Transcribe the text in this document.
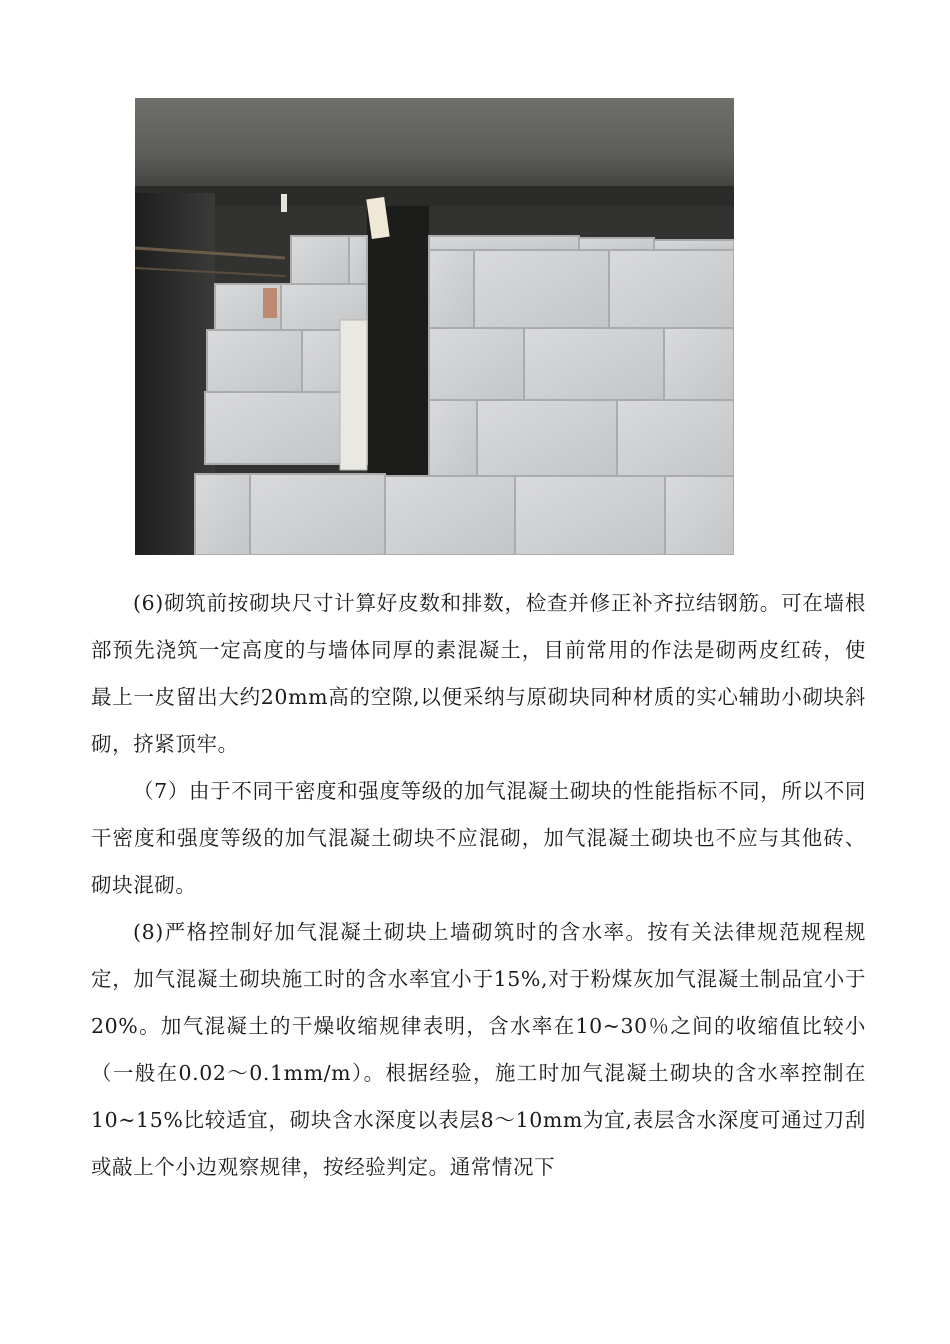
(6)砌筑前按砌块尺寸计算好皮数和排数，检查并修正补齐拉结钢筋。可在墙根部预先浇筑一定高度的与墙体同厚的素混凝土，目前常用的作法是砌两皮红砖，使最上一皮留出大约20mm高的空隙,以便采纳与原砌块同种材质的实心辅助小砌块斜砌，挤紧顶牢。

（7）由于不同干密度和强度等级的加气混凝土砌块的性能指标不同，所以不同干密度和强度等级的加气混凝土砌块不应混砌，加气混凝土砌块也不应与其他砖、砌块混砌。

(8)严格控制好加气混凝土砌块上墙砌筑时的含水率。按有关法律规范规程规定，加气混凝土砌块施工时的含水率宜小于15%,对于粉煤灰加气混凝土制品宜小于20%。加气混凝土的干燥收缩规律表明，含水率在10~30％之间的收缩值比较小（一般在0.02～0.1mm/m）。根据经验，施工时加气混凝土砌块的含水率控制在10~15%比较适宜，砌块含水深度以表层8～10mm为宜,表层含水深度可通过刀刮或敲上个小边观察规律，按经验判定。通常情况下
